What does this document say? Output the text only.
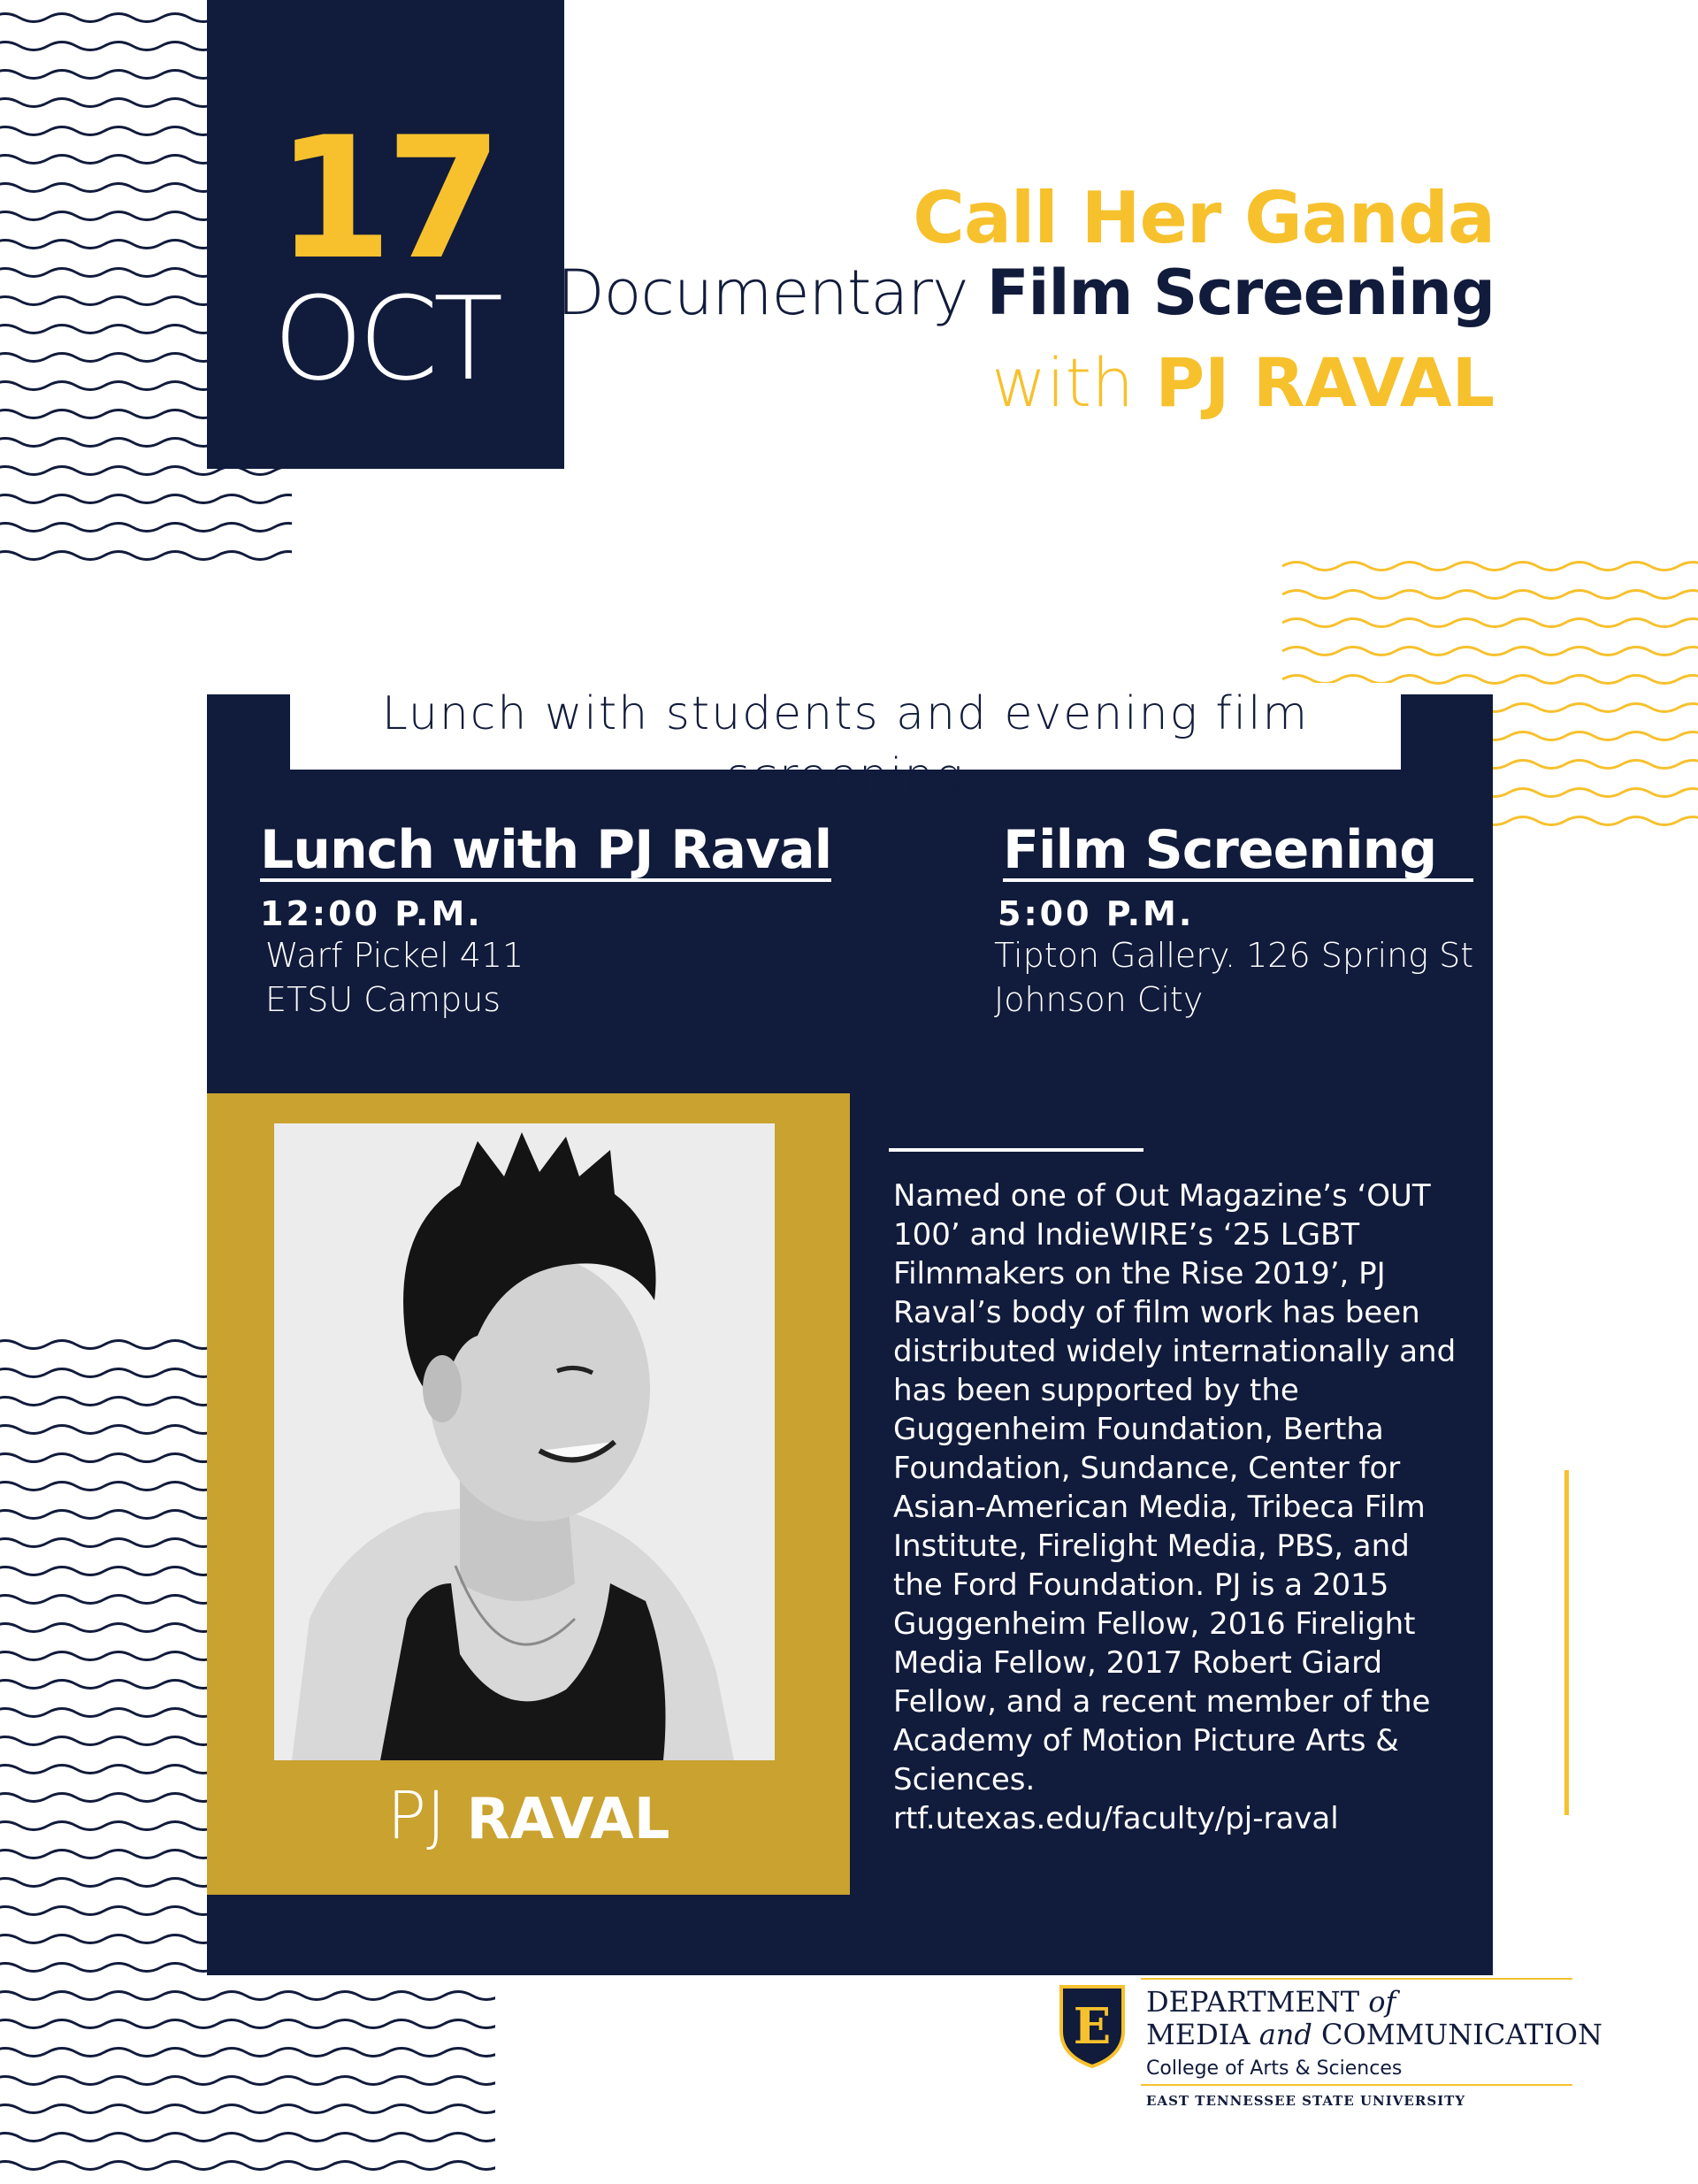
17
OCT
Call Her Ganda
Documentary Film Screening
with PJ RAVAL
Lunch with students and evening film screening
Lunch with PJ Raval
12:00 P.M.
Warf Pickel 411
ETSU Campus
Film Screening
5:00 P.M.
Tipton Gallery. 126 Spring St
Johnson City
PJ RAVAL
Named one of Out Magazine’s ‘OUT 100’ and IndieWIRE’s ‘25 LGBT Filmmakers on the Rise 2019’, PJ Raval’s body of film work has been distributed widely internationally and has been supported by the Guggenheim Foundation, Bertha Foundation, Sundance, Center for Asian-American Media, Tribeca Film Institute, Firelight Media, PBS, and the Ford Foundation. PJ is a 2015 Guggenheim Fellow, 2016 Firelight Media Fellow, 2017 Robert Giard Fellow, and a recent member of the Academy of Motion Picture Arts & Sciences.
rtf.utexas.edu/faculty/pj-raval
E DEPARTMENT of
MEDIA and COMMUNICATION
College of Arts & Sciences
EAST TENNESSEE STATE UNIVERSITY
